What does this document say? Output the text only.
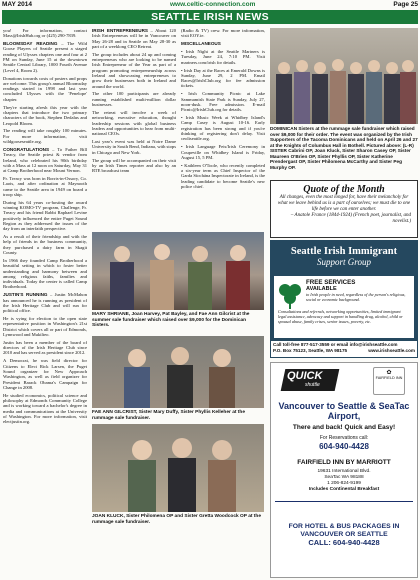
MAY 2014	www.celtic-connection.com	Page 25
SEATTLE IRISH NEWS

you! For information, contact Mass@IrishHub.org or (425) 290-7839.

BLOOMSDAY READING – The Wild Goose Players of Seattle present a staged reading of Ulysses chapters one and four at 2 PM on Sunday, June 15 at the downtown Seattle Central Library, 1000 Fourth Avenue (Level 4, Room 2).

Donations towards costs of posters and props are welcome. This group's annual Bloomsday readings started in 1998 and last year concluded Ulysses with the 'Penelope' chapter.

They're starting afresh this year with the chapters that introduce the two primary characters of the book, Stephen Dedalus and Leopold Bloom.

The reading will take roughly 100 minutes. For more information, visit wildgooseseattle.org.

CONGRATULATIONS – To Father Bill Treacy, the Seattle priest & vendor from Ireland, who celebrated his 90th birthday with a Mass at 12 noon on Saturday, May 31 at Camp Brotherhood near Mount Vernon.

Fr. Treacy was born in Borris-in-Ossory, Co. Laois, and after ordination at Maynooth came to the Seattle area in 1949 on board a troop ship.

During his 64 years co-hosting the award winning KOMO-TV program, Challenge, Fr. Treacy and his friend Rabbi Raphael Levine positively influenced the entire Puget Sound Region as they addressed the issues of the day from an interfaith perspective.

As a result of their friendship and with the help of friends in the business community, they purchased a dairy farm in Skagit County.

In 1966 they founded Camp Brotherhood a beautiful setting in which to foster better understanding and harmony between and among religious faiths, families and individuals. Today the center is called Camp Brotherhood.

JUSTIN'S RUNNING – Justin McMahon has announced he is running as president of the Irish Heritage Club and will run for political office.

He is vying for election to the open state representative position in Washington's 21st District which covers all or part of Edmonds, Lynnwood and Mukilteo.

Justin has been a member of the board of directors of the Irish Heritage Club since 2010 and has served as president since 2012.

A Democrat, he was field director for Citizens to Elect Rick Larsen, the Puget Sound organizer for New Approach Washington, as well as field organizer for President Barack Obama's Campaign for Change in 2008.

He studied economics, political science and philosophy at Edmonds Community College and is working toward a bachelor's degree in media and communications at the University of Washington. For more information, visit electjustin.org.

IRISH ENTREPRENEURS – About 120 Irish Entrepreneurs will be in Vancouver on May 26-28 and in Seattle on May 28-30 as part of a weeklong CEO Retreat.

The group includes about 24 up and coming entrepreneurs who are looking to be named Irish Entrepreneur of the Year as part of a program promoting entrepreneurship across Ireland and showcasing entrepreneurs to grow their businesses both in Ireland and around the world.

The other 100 participants are already running established multi-million dollar businesses.

The retreat will involve a week of networking, executive education, thought leadership sessions with global business leaders and opportunities to hear from multi-national CEOs.

Last year's event was held at Notre Dame University in South Bend, Indiana, with stops in Chicago and New York.

The group will be accompanied on their visit by an Irish Times reporter and also by an RTE broadcast team

(Radio & TV) crew. For more information, visit EOY.ie.

MISCELLANEOUS

• Irish Night at the Seattle Mariners is Tuesday, June 24, 7:10 PM. Visit mariners.com/irish for details.

• Irish Day at the Races at Emerald Downs is Sunday, June 29, 2 PM. Email Races@IrishClub.org for fee admission tickets.

• Irish Community Picnic at Lake Sammamish State Park is Sunday, July 27, noon-dusk. Free admission. E-mail Picnic@IrishClub.org for details.

• Irish Music Week at Whidbey Island's Camp Casey is August 10-16. Early registration has been strong and if you're thinking of registering don't delay. Visit ceoliseattle.org.

• Irish Language Feis/Irish Ceremony in Coupeville on Whidbey Island is Friday, August 15, 5 PM.

• Kathleen O'Toole, who recently completed a six-year term as Chief Inspector of the Garda Síochána Inspectorate in Ireland, is the leading candidate to become Seattle's new police chief.

MARY SHRIANE, Joan Harvey, Pat Bayley, and Fae Ann Gilcrist at the summer sale fundraiser which raised over $9,000 for the Dominican Sisters.
FAE ANN GILCRIST, Sister Mary Duffy, Sister Phyllis Kelleher at the rummage sale fundraiser.
JOAN KLUCK, Sister Philomena OP and Sister Gretta Woodcock OP at the rummage sale fundraiser.
DOMINICAN Sisters at the rummage sale fundraiser which raised over $9,000 for their order. The event was organized by the Irish Supporters of the Tacoma Dominicans and held on April 26 and 27 at the Knights of Columbus Hall in Bothell. Pictured above: (L-R) SISTER Cabrini OP, Joan Kluck, Sister Sharon Casey OP, Sister Maureen O'Brien OP, Sister Phyllis OP, Sister Katherine Prendergast OP, Sister Philomena McCarthy and Sister Peg Murphy OP.
Quote of the Month
All changes, even the most longed for, have their melancholy for what we leave behind us is a part of ourselves; we must die to one life before we can enter another.
– Anatole France (1844-1924) (French poet, journalist, and novelist.)
Seattle Irish Immigrant
Support Group
FREE SERVICES
AVAILABLE
to Irish people in need, regardless of the person's religious, social or economic background.
Consultations and referrals, networking opportunities, limited immigrant legal assistance, advocacy and support in handling drug, alcohol, child or spousal abuse, family crises, senior issues, poverty, etc.
Call toll-free 877-517-3559 or email info@irishseattle.com
P.O. Box 75123, Seattle, WA 98175	www.irishseattle.com
QUICK
shuttle
✿
FAIRFIELD INN
Vancouver to Seattle & SeaTac Airport,
There and back! Quick and Easy!
For Reservations call:
604-940-4428
FAIRFIELD INN BY MARRIOTT
19631 International Blvd.
SeaTac WA 98188
1 206-824-9199
Includes Continental Breakfast
FOR HOTEL & BUS PACKAGES IN
VANCOUVER OR SEATTLE
CALL: 604-940-4428
